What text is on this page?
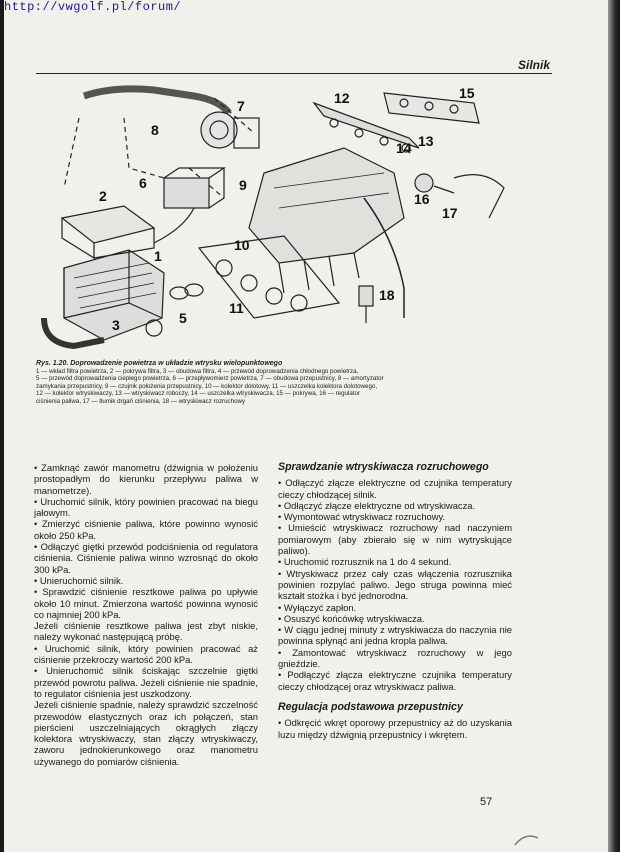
http://vwgolf.pl/forum/
Silnik
7
8
6
2
1
3	5
9
10
11
12
14 13
15
16
17
18
Rys. 1.20. Doprowadzenie powietrza w układzie wtrysku wielopunktowego
1 — wkład filtra powietrza, 2 — pokrywa filtra, 3 — obudowa filtra, 4 — przewód doprowadzenia chłodnego powietrza,
5 — przewód doprowadzenia ciepłego powietrza, 6 — przepływomierz powietrza, 7 — obudowa przepustnicy, 8 — amortyzator
zamykania przepustnicy, 9 — czujnik położenia przepustnicy, 10 — kolektor dolotowy, 11 — uszczelka kolektora dolotowego,
12 — kolektor wtryskiwaczy, 13 — wtryskiwacz roboczy, 14 — uszczelka wtryskiwacza, 15 — pokrywa, 16 — regulator
ciśnienia paliwa, 17 — tłumik drgań ciśnienia, 18 — wtryskiwacz rozruchowy

• Zamknąć zawór manometru (dźwignia w położeniu prostopadłym do kierunku przepływu paliwa w manometrze).

• Uruchomić silnik, który powinien pracować na biegu jałowym.

• Zmierzyć ciśnienie paliwa, które powinno wynosić około 250 kPa.

• Odłączyć giętki przewód podciśnienia od regulatora ciśnienia. Ciśnienie paliwa winno wzrosnąć do około 300 kPa.

• Unieruchomić silnik.

• Sprawdzić ciśnienie resztkowe paliwa po upływie około 10 minut. Zmierzona wartość powinna wynosić co najmniej 200 kPa.

Jeżeli ciśnienie resztkowe paliwa jest zbyt niskie, należy wykonać następującą próbę.

• Uruchomić silnik, który powinien pracować aż ciśnienie przekroczy wartość 200 kPa.

• Unieruchomić silnik ściskając szczelnie giętki przewód powrotu paliwa. Jeżeli ciśnienie nie spadnie, to regulator ciśnienia jest uszkodzony.

Jeżeli ciśnienie spadnie, należy sprawdzić szczelność przewodów elastycznych oraz ich połączeń, stan pierścieni uszczelniających okrągłych złączy kolektora wtryskiwaczy, stan złączy wtryskiwaczy, zaworu jednokierunkowego oraz manometru używanego do pomiarów ciśnienia.

Sprawdzanie wtryskiwacza rozruchowego

• Odłączyć złącze elektryczne od czujnika temperatury cieczy chłodzącej silnik.

• Odłączyć złącze elektryczne od wtryskiwacza.

• Wymontować wtryskiwacz rozruchowy.

• Umieścić wtryskiwacz rozruchowy nad naczyniem pomiarowym (aby zbierało się w nim wytryskujące paliwo).

• Uruchomić rozrusznik na 1 do 4 sekund.

• Wtryskiwacz przez cały czas włączenia rozrusznika powinien rozpylać paliwo. Jego struga powinna mieć kształt stożka i być jednorodna.

• Wyłączyć zapłon.

• Osuszyć końcówkę wtryskiwacza.

• W ciągu jednej minuty z wtryskiwacza do naczynia nie powinna spłynąć ani jedna kropla paliwa.

• Zamontować wtryskiwacz rozruchowy w jego gnieździe.

• Podłączyć złącza elektryczne czujnika temperatury cieczy chłodzącej oraz wtryskiwacz paliwa.

Regulacja podstawowa przepustnicy

• Odkręcić wkręt oporowy przepustnicy aż do uzyskania luzu między dźwignią przepustnicy i wkrętem.

57
